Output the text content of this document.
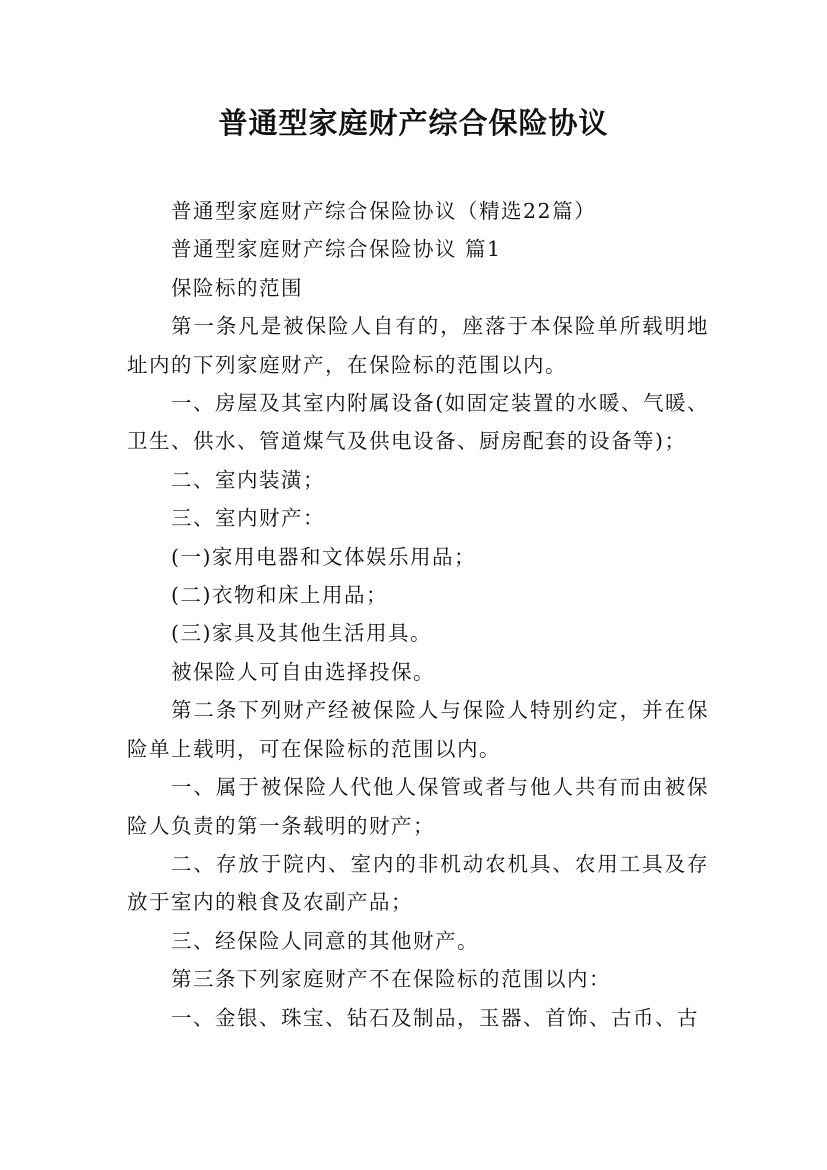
普通型家庭财产综合保险协议

普通型家庭财产综合保险协议（精选22篇）

普通型家庭财产综合保险协议 篇1

保险标的范围

第一条凡是被保险人自有的，座落于本保险单所载明地址内的下列家庭财产，在保险标的范围以内。

一、房屋及其室内附属设备(如固定装置的水暖、气暖、卫生、供水、管道煤气及供电设备、厨房配套的设备等)；

二、室内装潢；

三、室内财产：

(一)家用电器和文体娱乐用品；

(二)衣物和床上用品；

(三)家具及其他生活用具。

被保险人可自由选择投保。

第二条下列财产经被保险人与保险人特别约定，并在保险单上载明，可在保险标的范围以内。

一、属于被保险人代他人保管或者与他人共有而由被保险人负责的第一条载明的财产；

二、存放于院内、室内的非机动农机具、农用工具及存放于室内的粮食及农副产品；

三、经保险人同意的其他财产。

第三条下列家庭财产不在保险标的范围以内：

一、金银、珠宝、钻石及制品，玉器、首饰、古币、古
